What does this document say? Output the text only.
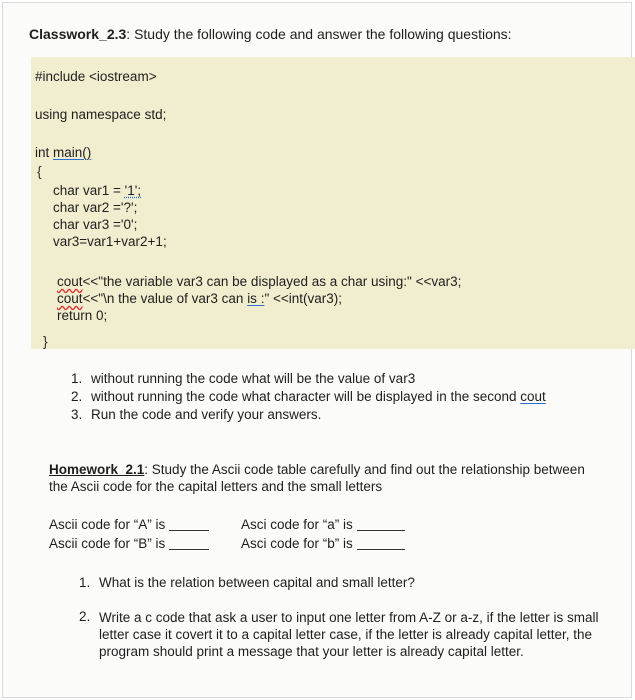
Classwork_2.3: Study the following code and answer the following questions:
#include <iostream>
using namespace std;
int main()
{
char var1 = '1';
char var2 ='?';
char var3 ='0';
var3=var1+var2+1;
cout<<"the variable var3 can be displayed as a char using:" <<var3;
cout<<"\n the value of var3 can is :" <<int(var3);
return 0;
}
1. without running the code what will be the value of var3
2. without running the code what character will be displayed in the second cout
3. Run the code and verify your answers.
Homework_2.1: Study the Ascii code table carefully and find out the relationship between the Ascii code for the capital letters and the small letters
Ascii code for “A” is	Asci code for “a” is
Ascii code for “B” is	Asci code for “b” is
1. What is the relation between capital and small letter?
2. Write a c code that ask a user to input one letter from A-Z or a-z, if the letter is small letter case it covert it to a capital letter case, if the letter is already capital letter, the program should print a message that your letter is already capital letter.
